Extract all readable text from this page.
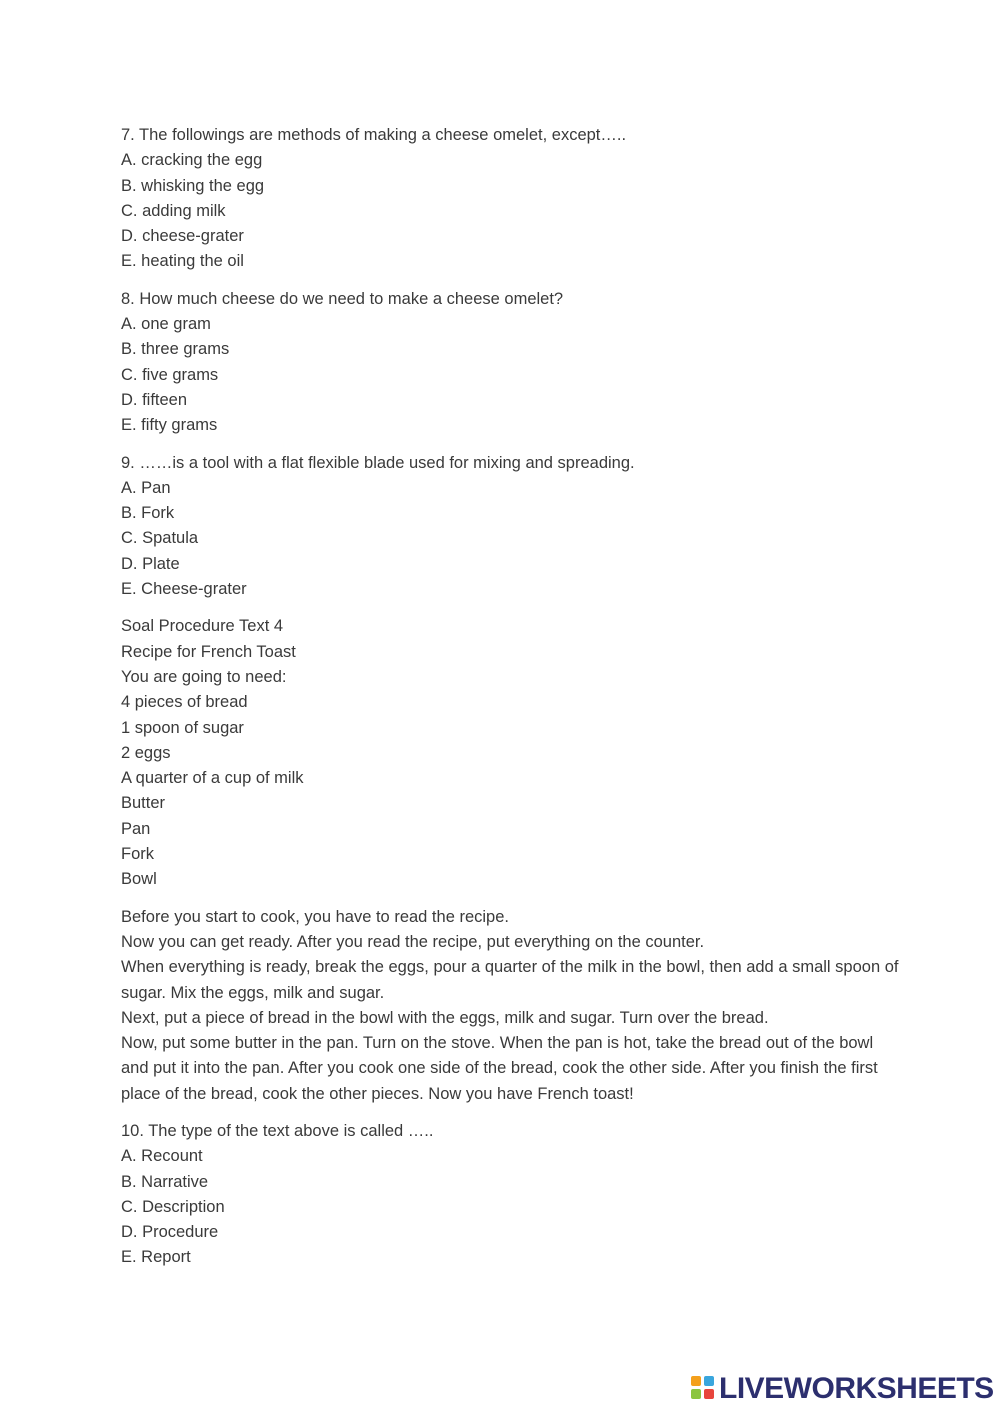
7. The followings are methods of making a cheese omelet, except…..
A. cracking the egg
B. whisking the egg
C. adding milk
D. cheese-grater
E. heating the oil
8. How much cheese do we need to make a cheese omelet?
A. one gram
B. three grams
C. five grams
D. fifteen
E. fifty grams
9. ……is a tool with a flat flexible blade used for mixing and spreading.
A. Pan
B. Fork
C. Spatula
D. Plate
E. Cheese-grater
Soal Procedure Text 4
Recipe for French Toast
You are going to need:
4 pieces of bread
1 spoon of sugar
2 eggs
A quarter of a cup of milk
Butter
Pan
Fork
Bowl
Before you start to cook, you have to read the recipe.
Now you can get ready. After you read the recipe, put everything on the counter.
When everything is ready, break the eggs, pour a quarter of the milk in the bowl, then add a small spoon of sugar. Mix the eggs, milk and sugar.
Next, put a piece of bread in the bowl with the eggs, milk and sugar. Turn over the bread.
Now, put some butter in the pan. Turn on the stove. When the pan is hot, take the bread out of the bowl and put it into the pan. After you cook one side of the bread, cook the other side. After you finish the first place of the bread, cook the other pieces. Now you have French toast!
10. The type of the text above is called …..
A. Recount
B. Narrative
C. Description
D. Procedure
E. Report
LIVEWORKSHEETS
